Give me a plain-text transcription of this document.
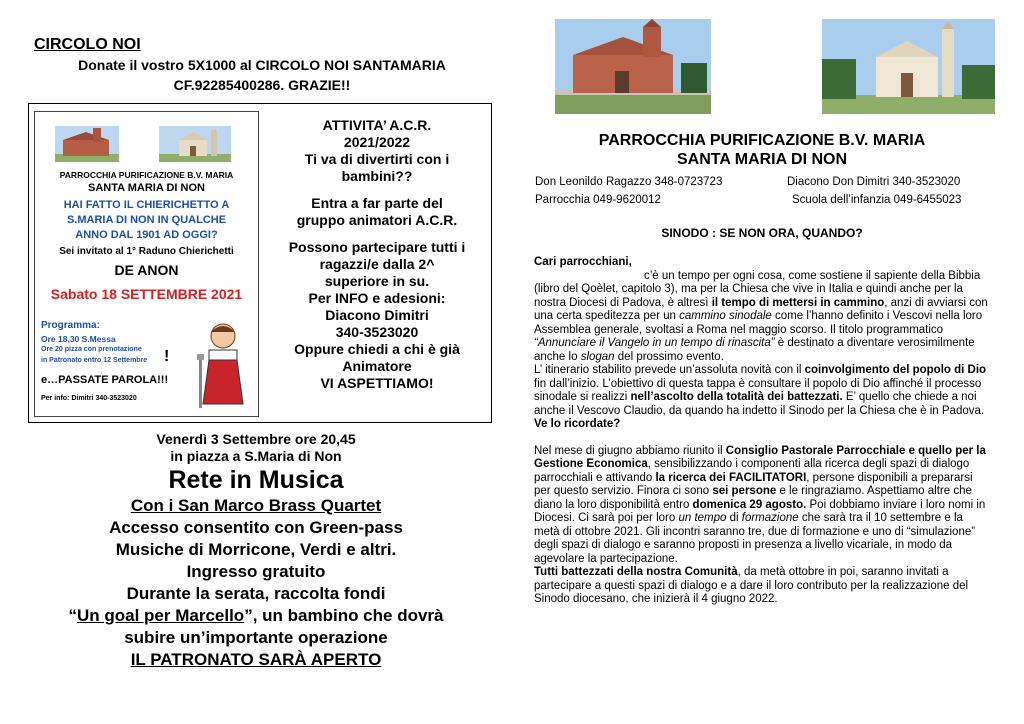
CIRCOLO NOI
Donate il vostro 5X1000 al CIRCOLO NOI SANTAMARIA
CF.92285400286. GRAZIE!!
PARROCCHIA PURIFICAZIONE B.V. MARIA
SANTA MARIA DI NON
HAI FATTO IL CHIERICHETTO A
S.MARIA DI NON IN QUALCHE
ANNO DAL 1901 AD OGGI?
Sei invitato al 1° Raduno Chierichetti
DE ANON
Sabato 18 SETTEMBRE 2021
Programma:
Ore 18,30 S.Messa
Ore 20 pizza con prenotazione
in Patronato entro 12 Settembre !
e…PASSATE PAROLA!!!
Per info: Dimitri 340-3523020

ATTIVITA’ A.C.R.
2021/2022
Ti va di divertirti con i
bambini??

Entra a far parte del
gruppo animatori A.C.R.

Possono partecipare tutti i
ragazzi/e dalla 2^
superiore in su.
Per INFO e adesioni:
Diacono Dimitri
340-3523020
Oppure chiedi a chi è già
Animatore
VI ASPETTIAMO!

Venerdì 3 Settembre ore 20,45

in piazza a S.Maria di Non

Rete in Musica

Con i San Marco Brass Quartet

Accesso consentito con Green-pass

Musiche di Morricone, Verdi e altri.

Ingresso gratuito

Durante la serata, raccolta fondi

“Un goal per Marcello”, un bambino che dovrà

subire un’importante operazione

IL PATRONATO SARÀ APERTO

PARROCCHIA PURIFICAZIONE B.V. MARIA
SANTA MARIA DI NON
Don Leonildo Ragazzo 348-0723723	Diacono Don Dimitri 340-3523020
Parrocchia 049-9620012	Scuola dell’infanzia 049-6455023
SINODO : SE NON ORA, QUANDO?

Cari parrocchiani,

c’è un tempo per ogni cosa, come sostiene il sapiente della Bibbia (libro del Qoèlet, capitolo 3), ma per la Chiesa che vive in Italia e quindi anche per la nostra Diocesi di Padova, è altresì il tempo di mettersi in cammino, anzi di avviarsi con una certa speditezza per un cammino sinodale come l’hanno definito i Vescovi nella loro Assemblea generale, svoltasi a Roma nel maggio scorso. Il titolo programmatico “Annunciare il Vangelo in un tempo di rinascita” è destinato a diventare verosimilmente anche lo slogan del prossimo evento.

L’ itinerario stabilito prevede un’assoluta novità con il coinvolgimento del popolo di Dio fin dall’inizio. L’obiettivo di questa tappa è consultare il popolo di Dio affinché il processo sinodale si realizzi nell’ascolto della totalità dei battezzati. E’ quello che chiede a noi anche il Vescovo Claudio, da quando ha indetto il Sinodo per la Chiesa che è in Padova. Ve lo ricordate?

Nel mese di giugno abbiamo riunito il Consiglio Pastorale Parrocchiale e quello per la Gestione Economica, sensibilizzando i componenti alla ricerca degli spazi di dialogo parrocchiali e attivando la ricerca dei FACILITATORI, persone disponibili a prepararsi per questo servizio. Finora ci sono sei persone e le ringraziamo. Aspettiamo altre che diano la loro disponibilità entro domenica 29 agosto. Poi dobbiamo inviare i loro nomi in Diocesi. Ci sarà poi per loro un tempo di formazione che sarà tra il 10 settembre e la metà di ottobre 2021. Gli incontri saranno tre, due di formazione e uno di “simulazione” degli spazi di dialogo e saranno proposti in presenza a livello vicariale, in modo da agevolare la partecipazione.

Tutti battezzati della nostra Comunità, da metà ottobre in poi, saranno invitati a partecipare a questi spazi di dialogo e a dare il loro contributo per la realizzazione del Sinodo diocesano, che inizierà il 4 giugno 2022.
